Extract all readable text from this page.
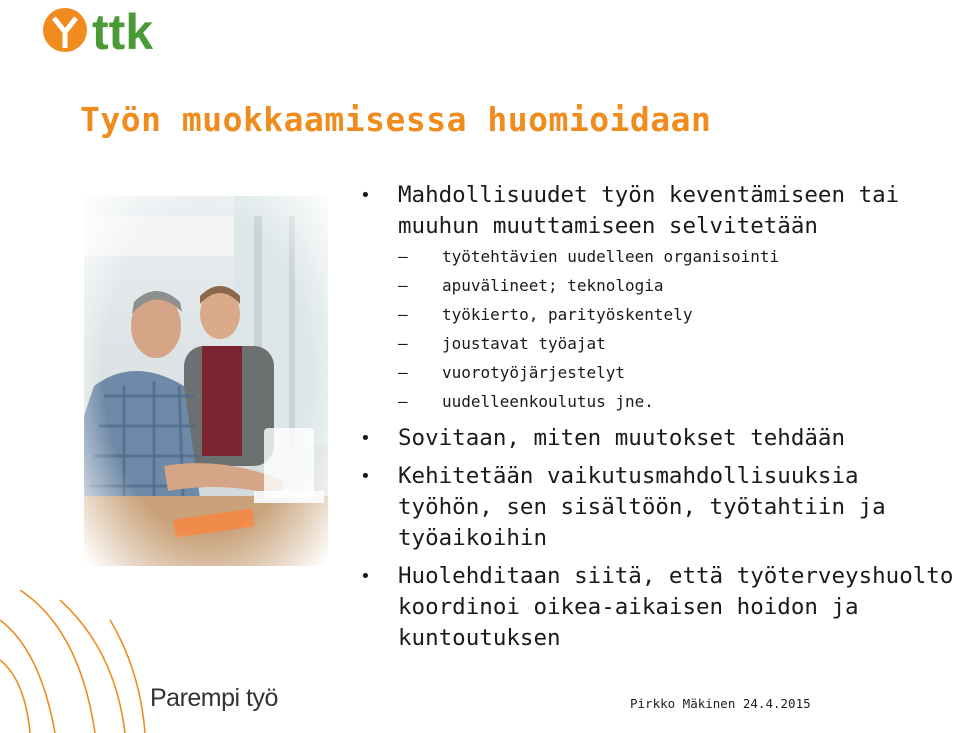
ttk
Työn muokkaamisessa huomioidaan
• Mahdollisuudet työn keventämiseen tai muuhun muuttamiseen selvitetään
— työtehtävien uudelleen organisointi
— apuvälineet; teknologia
— työkierto, parityöskentely
— joustavat työajat
— vuorotyöjärjestelyt
— uudelleenkoulutus jne.
• Sovitaan, miten muutokset tehdään
• Kehitetään vaikutusmahdollisuuksia työhön, sen sisältöön, työtahtiin ja työaikoihin
• Huolehditaan siitä, että työterveyshuolto koordinoi oikea-aikaisen hoidon ja kuntoutuksen

Parempi työ	Pirkko Mäkinen 24.4.2015
